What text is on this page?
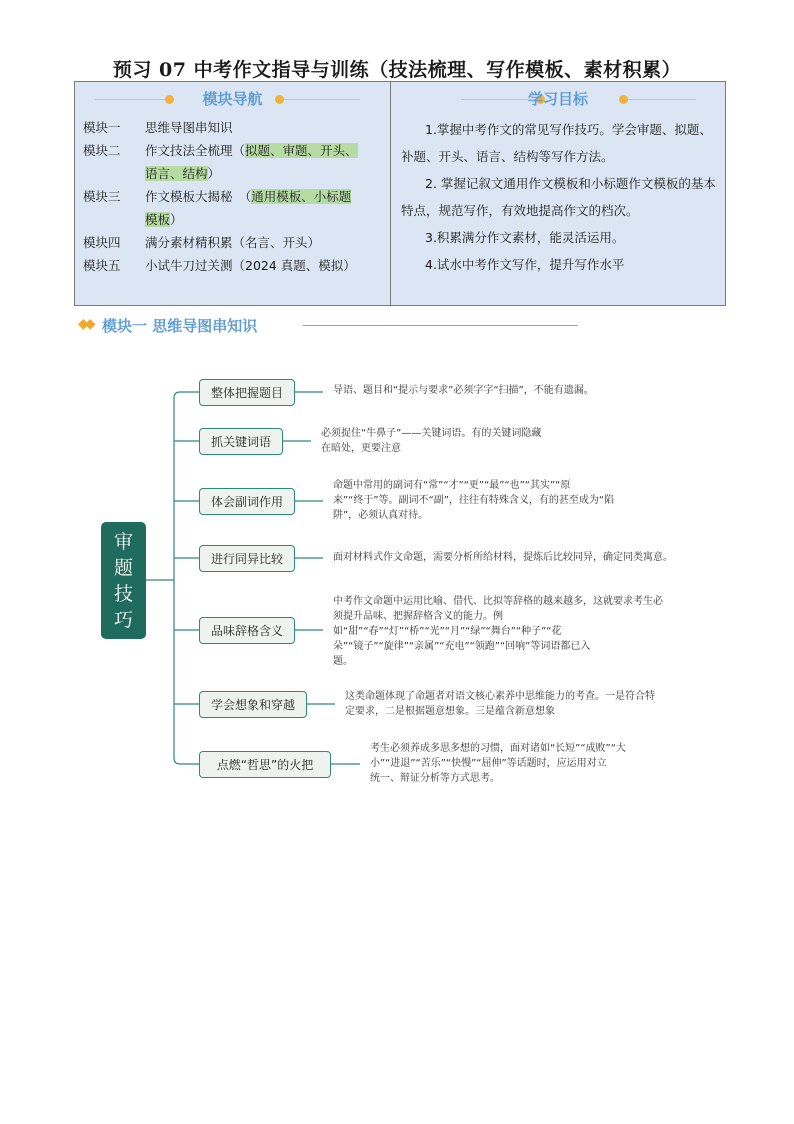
预习 07 中考作文指导与训练（技法梳理、写作模板、素材积累）
模块导航
模块一 思维导图串知识
模块二 作文技法全梳理（拟题、审题、开头、
语言、结构）
模块三 作文模板大揭秘　（通用模板、小标题
模板）
模块四 满分素材精积累（名言、开头）
模块五 小试牛刀过关测（2024 真题、模拟）
学习目标
1.掌握中考作文的常见写作技巧。学会审题、拟题、补题、开头、语言、结构等写作方法。
2. 掌握记叙文通用作文模板和小标题作文模板的基本特点，规范写作，有效地提高作文的档次。
3.积累满分作文素材，能灵活运用。
4.试水中考作文写作，提升写作水平
◆◆ 模块一 思维导图串知识
审
题
技
巧
整体把握题目	导语、题目和“提示与要求”必须字字“扫描”，不能有遗漏。
抓关键词语
必须捉住“牛鼻子”——关键词语。有的关键词隐藏
在暗处，更要注意
体会副词作用
命题中常用的副词有“常”“才”“更”“最”“也”“其实”“原
来”“终于”等。副词不“副”，往往有特殊含义，有的甚至成为“陷
阱”，必须认真对待。
进行同异比较	面对材料式作文命题，需要分析所给材料，提炼后比较同异，确定同类寓意。
品味辞格含义
中考作文命题中运用比喻、借代、比拟等辞格的越来越多，这就要求考生必
须提升品味、把握辞格含义的能力。例
如“甜”“春”“灯”“桥”“光”“月”“绿”“舞台”“种子”“花
朵”“镜子”“旋律”“亲属”“充电”“领跑”“回响”等词语都已入
题。
学会想象和穿越
这类命题体现了命题者对语文核心素养中思维能力的考查。一是符合特
定要求，二是根据题意想象。三是蕴含新意想象
点燃“哲思”的火把
考生必须养成多思多想的习惯，面对诸如“长短”“成败”“大
小”“进退”“苦乐”“快慢”“屈伸”等话题时，应运用对立
统一、辩证分析等方式思考。
